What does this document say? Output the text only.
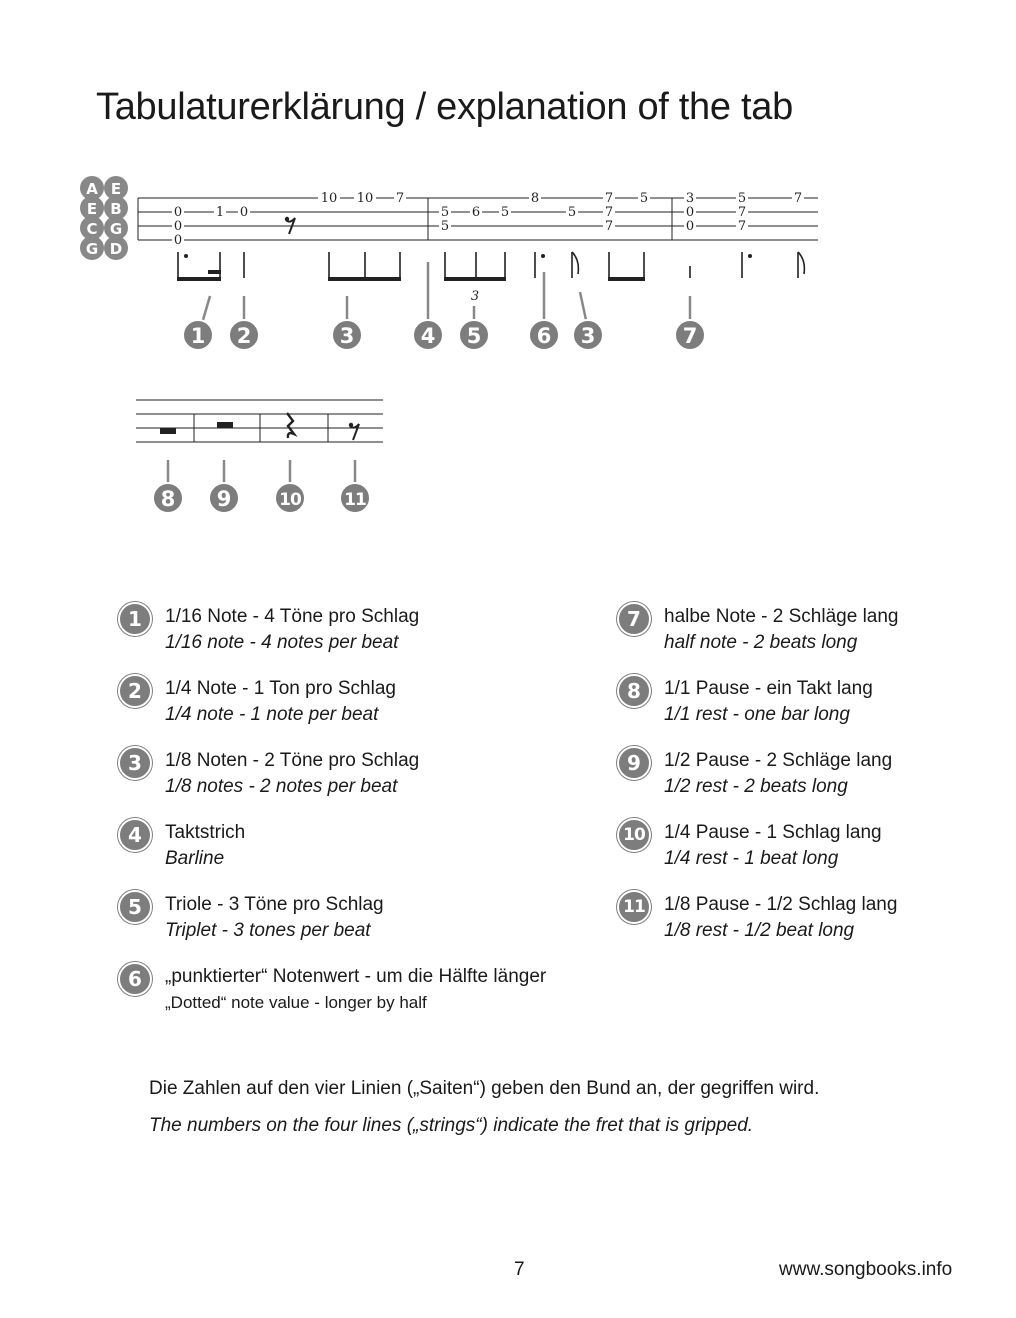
Tabulaturerklärung / explanation of the tab
A E
E B
C G
G D
0
0
0
1 0
10 10 7
5
5
6 5
8
5
7
7
7
5	3
0
0
5
7
7
7
3
1 2	3	4 5	6 3	7
8 9	10	11
1	1/16 Note - 4 Töne pro Schlag
1/16 note - 4 notes per beat
2	1/4 Note - 1 Ton pro Schlag
1/4 note - 1 note per beat
3	1/8 Noten - 2 Töne pro Schlag
1/8 notes - 2 notes per beat
4	Taktstrich
Barline
5	Triole - 3 Töne pro Schlag
Triplet - 3 tones per beat
6	„punktierter“ Notenwert - um die Hälfte länger
„Dotted“ note value - longer by half
7	halbe Note - 2 Schläge lang
half note - 2 beats long
8	1/1 Pause - ein Takt lang
1/1 rest - one bar long
9	1/2 Pause - 2 Schläge lang
1/2 rest - 2 beats long
10	1/4 Pause - 1 Schlag lang
1/4 rest - 1 beat long
11	1/8 Pause - 1/2 Schlag lang
1/8 rest - 1/2 beat long
Die Zahlen auf den vier Linien („Saiten“) geben den Bund an, der gegriffen wird.
The numbers on the four lines („strings“) indicate the fret that is gripped.
7	www.songbooks.info
